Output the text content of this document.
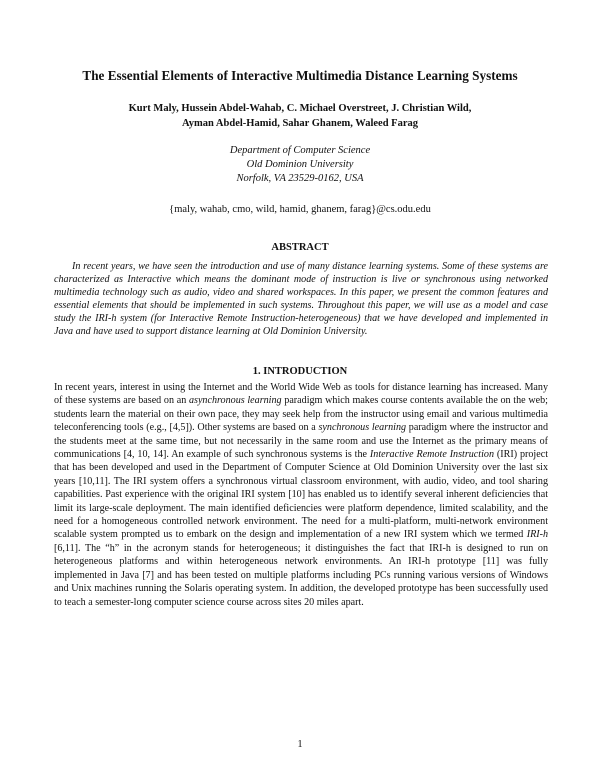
The Essential Elements of Interactive Multimedia Distance Learning Systems
Kurt Maly, Hussein Abdel-Wahab, C. Michael Overstreet, J. Christian Wild,
Ayman Abdel-Hamid, Sahar Ghanem, Waleed Farag
Department of Computer Science
Old Dominion University
Norfolk, VA 23529-0162, USA
{maly, wahab, cmo, wild, hamid, ghanem, farag}@cs.odu.edu
ABSTRACT

In recent years, we have seen the introduction and use of many distance learning systems. Some of these systems are characterized as Interactive which means the dominant mode of instruction is live or synchronous using networked multimedia technology such as audio, video and shared workspaces. In this paper, we present the common features and essential elements that should be implemented in such systems. Throughout this paper, we will use as a model and case study the IRI-h system (for Interactive Remote Instruction-heterogeneous) that we have developed and implemented in Java and have used to support distance learning at Old Dominion University.

1. INTRODUCTION

In recent years, interest in using the Internet and the World Wide Web as tools for distance learning has increased. Many of these systems are based on an asynchronous learning paradigm which makes course contents available the on the web; students learn the material on their own pace, they may seek help from the instructor using email and various multimedia teleconferencing tools (e.g., [4,5]). Other systems are based on a synchronous learning paradigm where the instructor and the students meet at the same time, but not necessarily in the same room and use the Internet as the primary means of communications [4, 10, 14]. An example of such synchronous systems is the Interactive Remote Instruction (IRI) project that has been developed and used in the Department of Computer Science at Old Dominion University over the last six years [10,11]. The IRI system offers a synchronous virtual classroom environment, with audio, video, and tool sharing capabilities. Past experience with the original IRI system [10] has enabled us to identify several inherent deficiencies that limit its large-scale deployment. The main identified deficiencies were platform dependence, limited scalability, and the need for a homogeneous controlled network environment. The need for a multi-platform, multi-network environment scalable system prompted us to embark on the design and implementation of a new IRI system which we termed IRI-h [6,11]. The “h” in the acronym stands for heterogeneous; it distinguishes the fact that IRI-h is designed to run on heterogeneous platforms and within heterogeneous network environments. An IRI-h prototype [11] was fully implemented in Java [7] and has been tested on multiple platforms including PCs running various versions of Windows and Unix machines running the Solaris operating system. In addition, the developed prototype has been successfully used to teach a semester-long computer science course across sites 20 miles apart.

1
